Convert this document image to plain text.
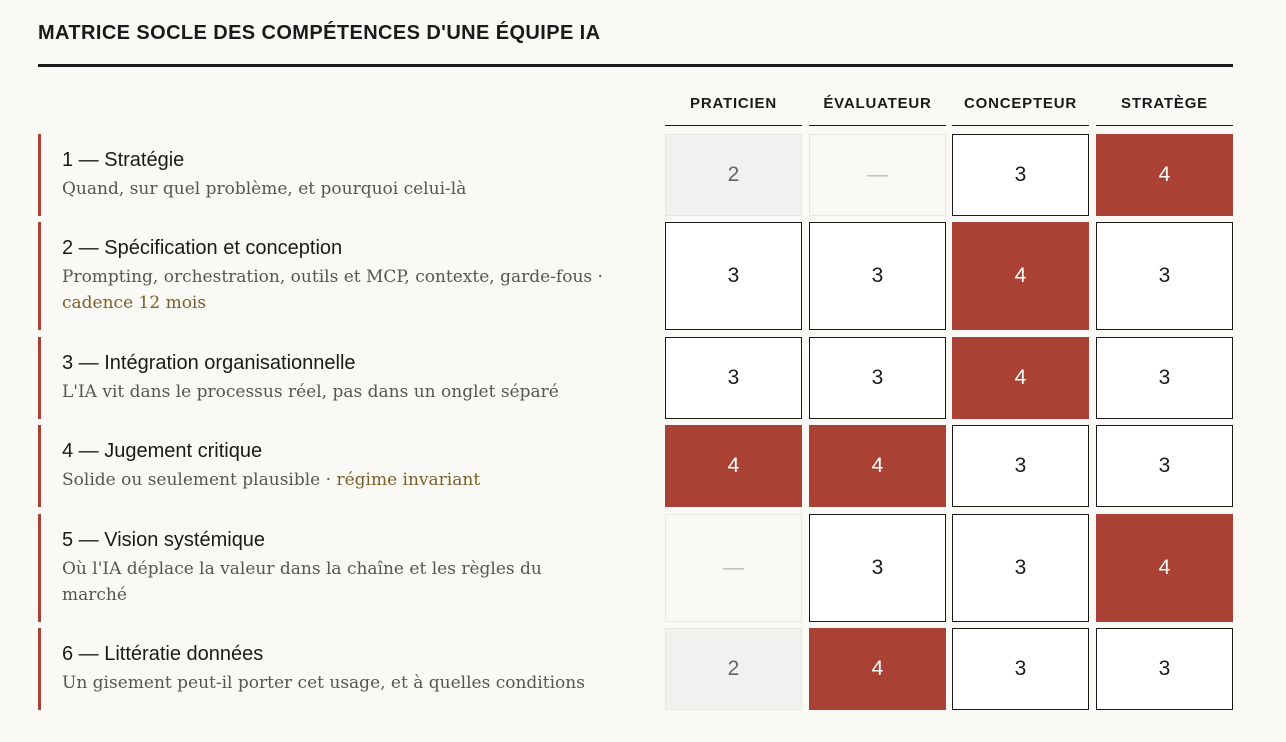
MATRICE SOCLE DES COMPÉTENCES D'UNE ÉQUIPE IA
PRATICIEN	ÉVALUATEUR	CONCEPTEUR	STRATÈGE
1 — Stratégie
Quand, sur quel problème, et pourquoi celui-là
2	—	3	4
2 — Spécification et conception
Prompting, orchestration, outils et MCP, contexte, garde-fous · cadence 12 mois
3	3	4	3
3 — Intégration organisationnelle
L'IA vit dans le processus réel, pas dans un onglet séparé
3	3	4	3
4 — Jugement critique
Solide ou seulement plausible · régime invariant
4	4	3	3
5 — Vision systémique
Où l'IA déplace la valeur dans la chaîne et les règles du marché
—	3	3	4
6 — Littératie données
Un gisement peut-il porter cet usage, et à quelles conditions
2	4	3	3
